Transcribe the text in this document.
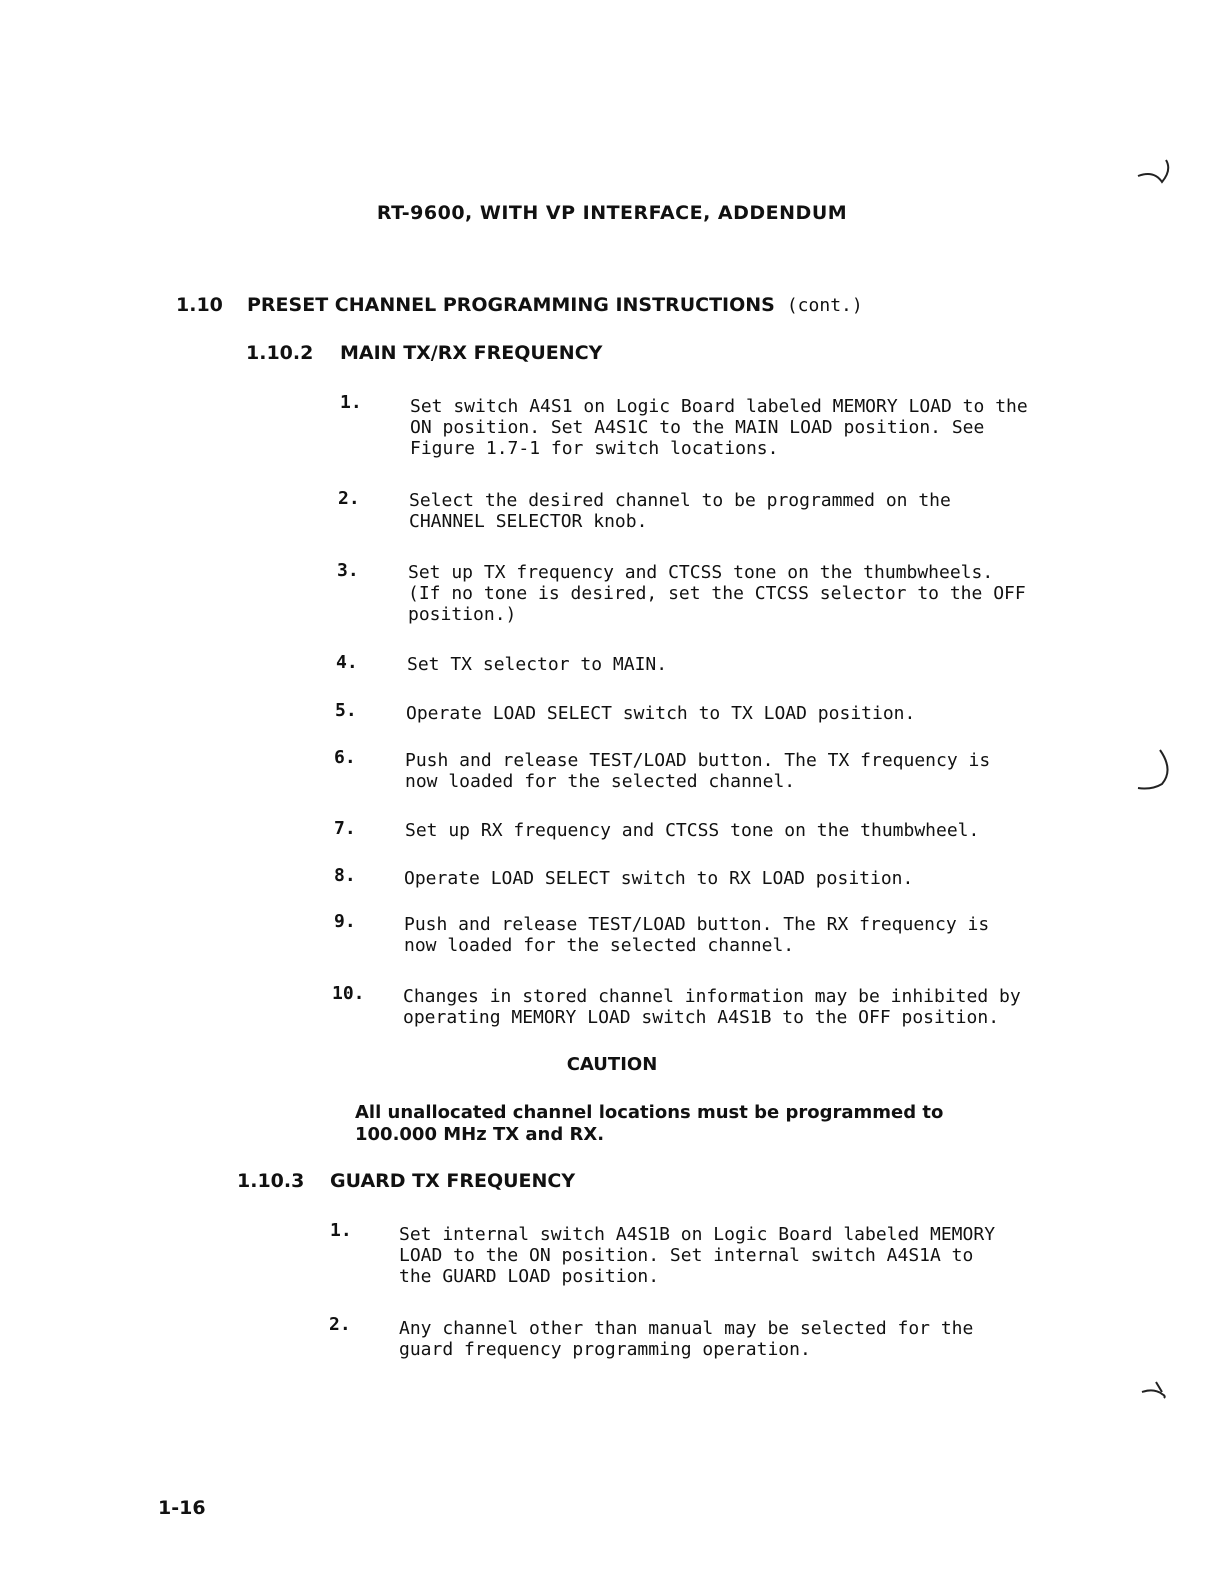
RT-9600, WITH VP INTERFACE, ADDENDUM
1.10 PRESET CHANNEL PROGRAMMING INSTRUCTIONS (cont.)
1.10.2 MAIN TX/RX FREQUENCY
1.	Set switch A4S1 on Logic Board labeled MEMORY LOAD to the
ON position. Set A4S1C to the MAIN LOAD position. See
Figure 1.7-1 for switch locations.
2.	Select the desired channel to be programmed on the
CHANNEL SELECTOR knob.
3.	Set up TX frequency and CTCSS tone on the thumbwheels.
(If no tone is desired, set the CTCSS selector to the OFF
position.)
4.	Set TX selector to MAIN.
5.	Operate LOAD SELECT switch to TX LOAD position.
6.	Push and release TEST/LOAD button. The TX frequency is
now loaded for the selected channel.
7.	Set up RX frequency and CTCSS tone on the thumbwheel.
8.	Operate LOAD SELECT switch to RX LOAD position.
9.	Push and release TEST/LOAD button. The RX frequency is
now loaded for the selected channel.
10. Changes in stored channel information may be inhibited by
operating MEMORY LOAD switch A4S1B to the OFF position.
CAUTION
All unallocated channel locations must be programmed to
100.000 MHz TX and RX.
1.10.3 GUARD TX FREQUENCY
1.	Set internal switch A4S1B on Logic Board labeled MEMORY
LOAD to the ON position. Set internal switch A4S1A to
the GUARD LOAD position.
2.	Any channel other than manual may be selected for the
guard frequency programming operation.
1-16
